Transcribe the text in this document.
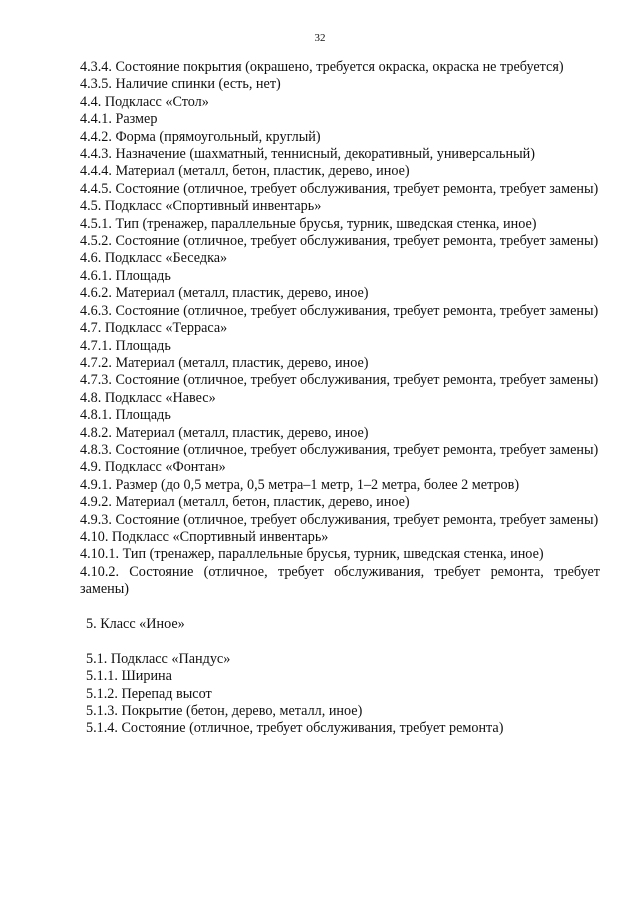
32

4.3.4. Состояние покрытия (окрашено, требуется окраска, окраска не требуется)

4.3.5. Наличие спинки (есть, нет)

4.4. Подкласс «Стол»

4.4.1. Размер

4.4.2. Форма (прямоугольный, круглый)

4.4.3. Назначение (шахматный, теннисный, декоративный, универсальный)

4.4.4. Материал (металл, бетон, пластик, дерево, иное)

4.4.5. Состояние (отличное, требует обслуживания, требует ремонта, требует замены)

4.5. Подкласс «Спортивный инвентарь»

4.5.1. Тип (тренажер, параллельные брусья, турник, шведская стенка, иное)

4.5.2. Состояние (отличное, требует обслуживания, требует ремонта, требует замены)

4.6. Подкласс «Беседка»

4.6.1. Площадь

4.6.2. Материал (металл, пластик, дерево, иное)

4.6.3. Состояние (отличное, требует обслуживания, требует ремонта, требует замены)

4.7. Подкласс «Терраса»

4.7.1. Площадь

4.7.2. Материал (металл, пластик, дерево, иное)

4.7.3. Состояние (отличное, требует обслуживания, требует ремонта, требует замены)

4.8. Подкласс «Навес»

4.8.1. Площадь

4.8.2. Материал (металл, пластик, дерево, иное)

4.8.3. Состояние (отличное, требует обслуживания, требует ремонта, требует замены)

4.9. Подкласс «Фонтан»

4.9.1. Размер (до 0,5 метра, 0,5 метра–1 метр, 1–2 метра, более 2 метров)

4.9.2. Материал (металл, бетон, пластик, дерево, иное)

4.9.3. Состояние (отличное, требует обслуживания, требует ремонта, требует замены)

4.10. Подкласс «Спортивный инвентарь»

4.10.1. Тип (тренажер, параллельные брусья, турник, шведская стенка, иное)

4.10.2. Состояние (отличное, требует обслуживания, требует ремонта, требует замены)

5. Класс «Иное»

5.1. Подкласс «Пандус»

5.1.1. Ширина

5.1.2. Перепад высот

5.1.3. Покрытие (бетон, дерево, металл, иное)

5.1.4. Состояние (отличное, требует обслуживания, требует ремонта)
